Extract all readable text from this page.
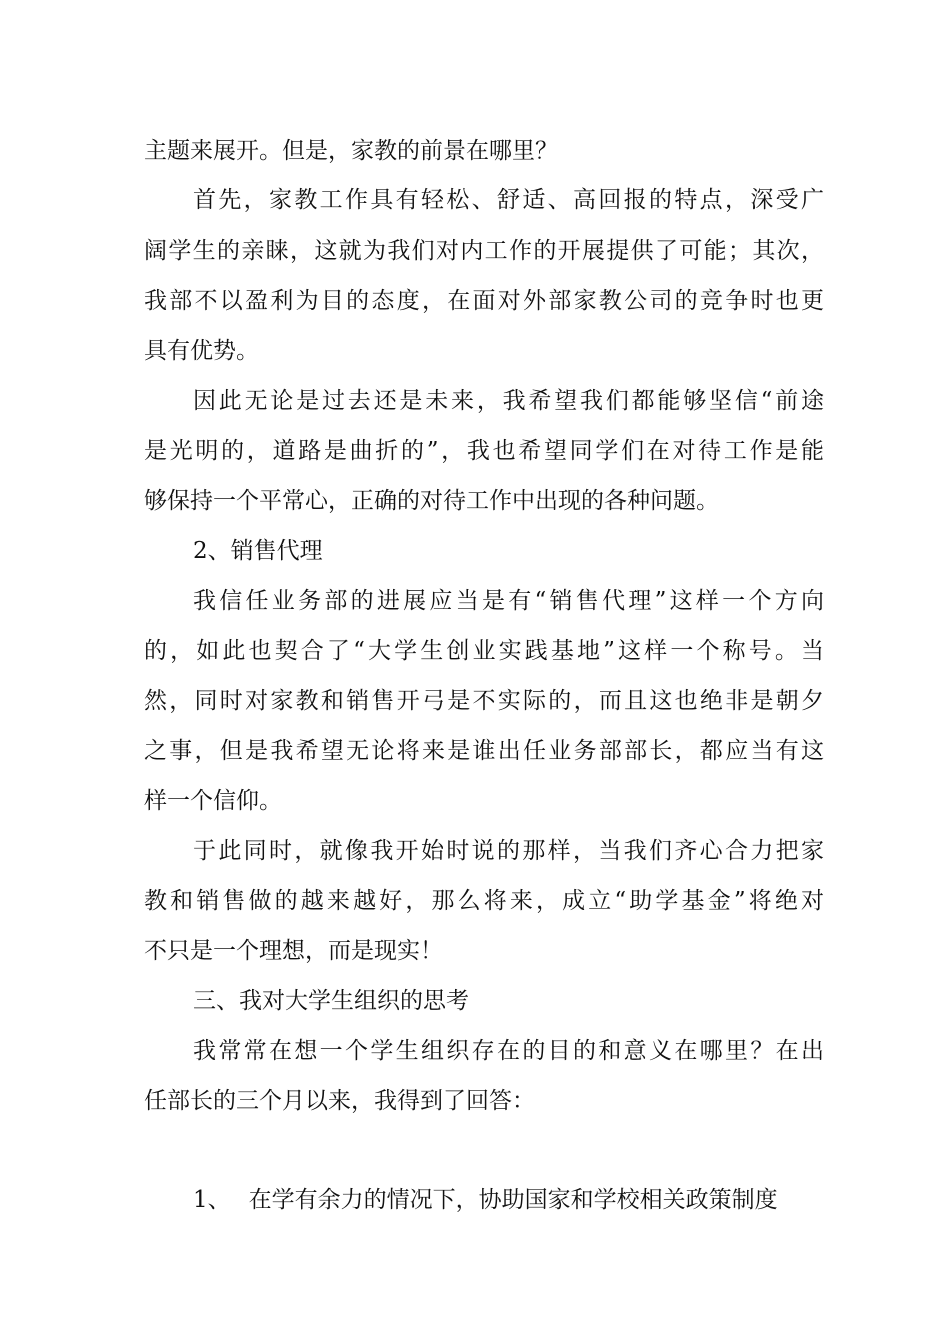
主题来展开。但是，家教的前景在哪里？
首先，家教工作具有轻松、舒适、高回报的特点，深受广
阔学生的亲睐，这就为我们对内工作的开展提供了可能；其次，
我部不以盈利为目的态度，在面对外部家教公司的竞争时也更
具有优势。
因此无论是过去还是未来，我希望我们都能够坚信“前途
是光明的，道路是曲折的”，我也希望同学们在对待工作是能
够保持一个平常心，正确的对待工作中出现的各种问题。
2、销售代理
我信任业务部的进展应当是有“销售代理”这样一个方向
的，如此也契合了“大学生创业实践基地”这样一个称号。当
然，同时对家教和销售开弓是不实际的，而且这也绝非是朝夕
之事，但是我希望无论将来是谁出任业务部部长，都应当有这
样一个信仰。
于此同时，就像我开始时说的那样，当我们齐心合力把家
教和销售做的越来越好，那么将来，成立“助学基金”将绝对
不只是一个理想，而是现实！
三、我对大学生组织的思考
我常常在想一个学生组织存在的目的和意义在哪里？在出
任部长的三个月以来，我得到了回答：
1、 在学有余力的情况下，协助国家和学校相关政策制度
